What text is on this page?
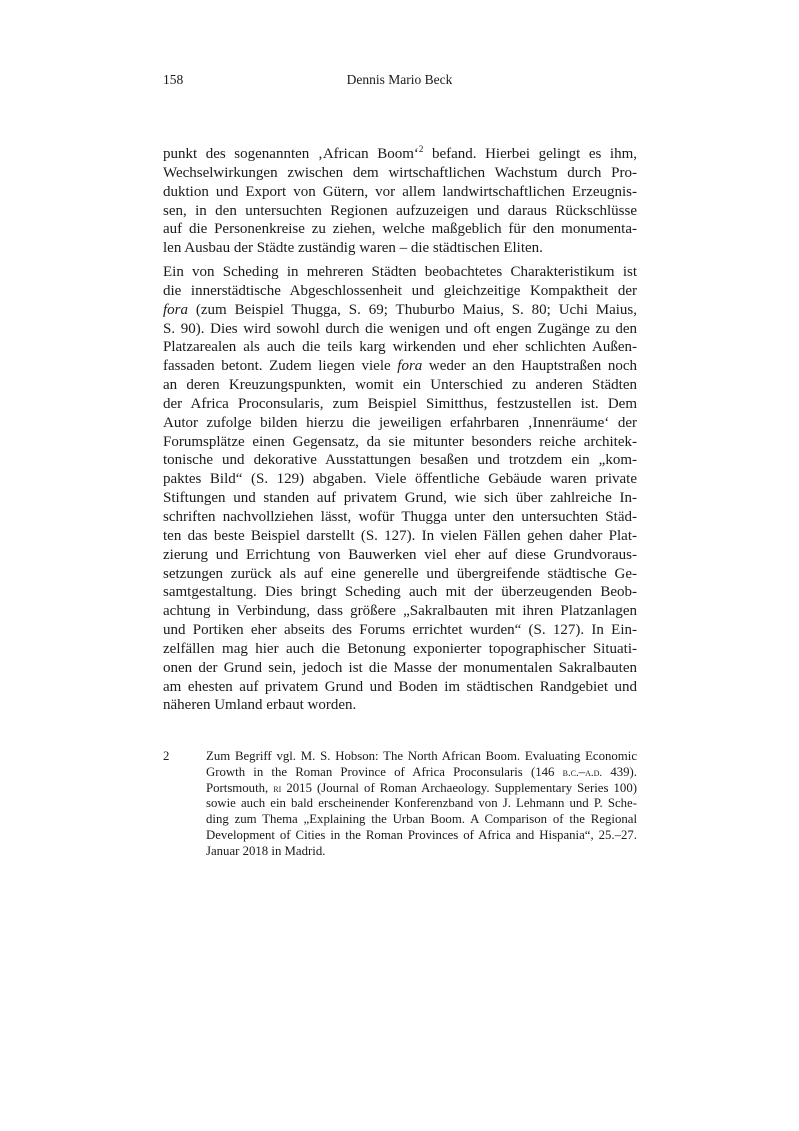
158	Dennis Mario Beck
punkt des sogenannten ‚African Boom‘$^2$ befand. Hierbei gelingt es ihm,
Wechselwirkungen zwischen dem wirtschaftlichen Wachstum durch Pro-
duktion und Export von Gütern, vor allem landwirtschaftlichen Erzeugnis-
sen, in den untersuchten Regionen aufzuzeigen und daraus Rückschlüsse
auf die Personenkreise zu ziehen, welche maßgeblich für den monumenta-
len Ausbau der Städte zuständig waren – die städtischen Eliten.
Ein von Scheding in mehreren Städten beobachtetes Charakteristikum ist
die innerstädtische Abgeschlossenheit und gleichzeitige Kompaktheit der
fora (zum Beispiel Thugga, S. 69; Thuburbo Maius, S. 80; Uchi Maius,
S. 90). Dies wird sowohl durch die wenigen und oft engen Zugänge zu den
Platzarealen als auch die teils karg wirkenden und eher schlichten Außen-
fassaden betont. Zudem liegen viele fora weder an den Hauptstraßen noch
an deren Kreuzungspunkten, womit ein Unterschied zu anderen Städten
der Africa Proconsularis, zum Beispiel Simitthus, festzustellen ist. Dem
Autor zufolge bilden hierzu die jeweiligen erfahrbaren ‚Innenräume‘ der
Forumsplätze einen Gegensatz, da sie mitunter besonders reiche architek-
tonische und dekorative Ausstattungen besaßen und trotzdem ein „kom-
paktes Bild“ (S. 129) abgaben. Viele öffentliche Gebäude waren private
Stiftungen und standen auf privatem Grund, wie sich über zahlreiche In-
schriften nachvollziehen lässt, wofür Thugga unter den untersuchten Städ-
ten das beste Beispiel darstellt (S. 127). In vielen Fällen gehen daher Plat-
zierung und Errichtung von Bauwerken viel eher auf diese Grundvoraus-
setzungen zurück als auf eine generelle und übergreifende städtische Ge-
samtgestaltung. Dies bringt Scheding auch mit der überzeugenden Beob-
achtung in Verbindung, dass größere „Sakralbauten mit ihren Platzanlagen
und Portiken eher abseits des Forums errichtet wurden“ (S. 127). In Ein-
zelfällen mag hier auch die Betonung exponierter topographischer Situati-
onen der Grund sein, jedoch ist die Masse der monumentalen Sakralbauten
am ehesten auf privatem Grund und Boden im städtischen Randgebiet und
näheren Umland erbaut worden.
2	Zum Begriff vgl. M. S. Hobson: The North African Boom. Evaluating Economic
Growth in the Roman Province of Africa Proconsularis (146 b.c.–a.d. 439).
Portsmouth, ri 2015 (Journal of Roman Archaeology. Supplementary Series 100)
sowie auch ein bald erscheinender Konferenzband von J. Lehmann und P. Sche-
ding zum Thema „Explaining the Urban Boom. A Comparison of the Regional
Development of Cities in the Roman Provinces of Africa and Hispania“, 25.–27.
Januar 2018 in Madrid.
